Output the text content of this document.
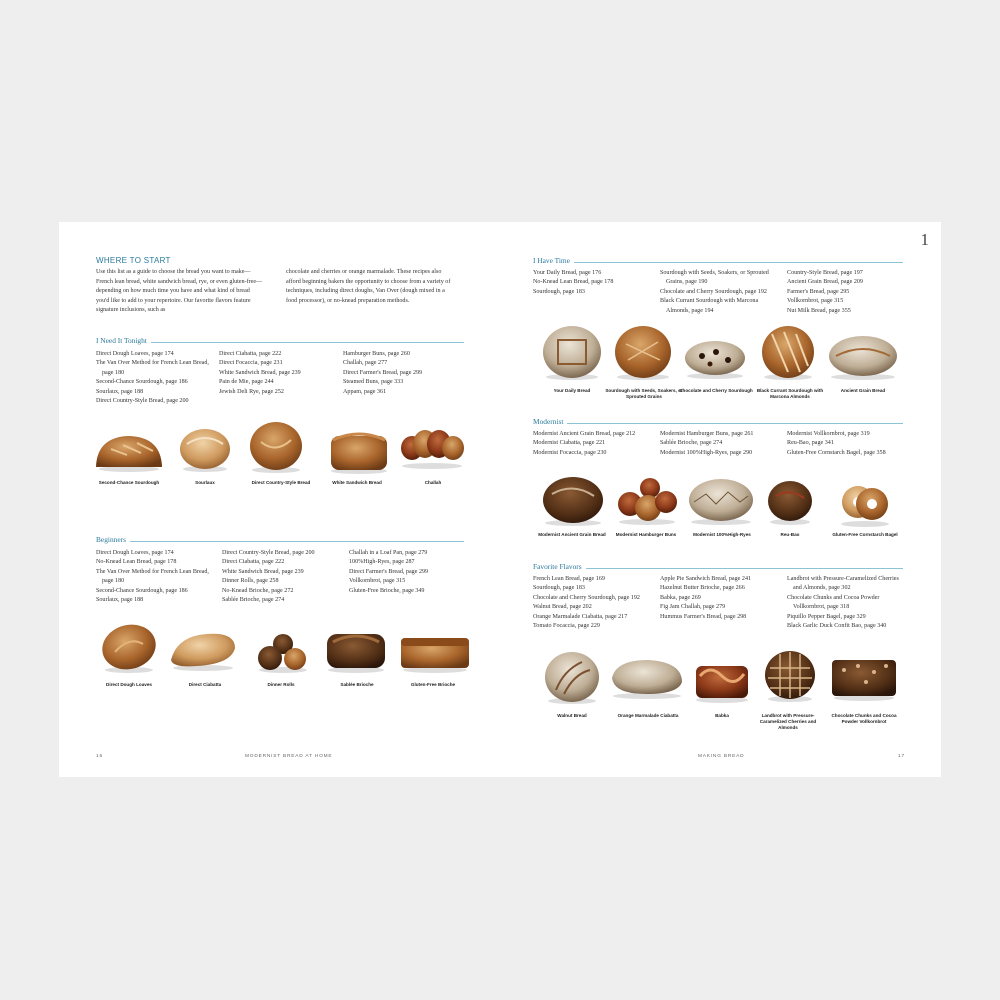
WHERE TO START
Use this list as a guide to choose the bread you want to make—French lean bread, white sandwich bread, rye, or even gluten-free—depending on how much time you have and what kind of bread you'd like to add to your repertoire. Our favorite flavors feature signature inclusions, such as
chocolate and cherries or orange marmalade. These recipes also afford beginning bakers the opportunity to choose from a variety of techniques, including direct doughs, Van Over (dough mixed in a food processor), or no-knead preparation methods.
I Need It Tonight
Direct Dough Loaves, page 174
The Van Over Method for French Lean Bread, page 180
Second-Chance Sourdough, page 186
Sourlaux, page 188
Direct Country-Style Bread, page 200
Direct Ciabatta, page 222
Direct Focaccia, page 231
White Sandwich Bread, page 239
Pain de Mie, page 244
Jewish Deli Rye, page 252
Hamburger Buns, page 260
Challah, page 277
Direct Farmer's Bread, page 299
Steamed Buns, page 333
Appam, page 361
Second-Chance Sourdough	Sourlaux	Direct Country-Style Bread	White Sandwich Bread	Challah
Beginners
Direct Dough Loaves, page 174
No-Knead Lean Bread, page 178
The Van Over Method for French Lean Bread, page 180
Second-Chance Sourdough, page 186
Sourlaux, page 188
Direct Country-Style Bread, page 200
Direct Ciabatta, page 222
White Sandwich Bread, page 239
Dinner Rolls, page 258
No-Knead Brioche, page 272
Sablée Brioche, page 274
Challah in a Loaf Pan, page 279
100%High-Ryes, page 287
Direct Farmer's Bread, page 299
Vollkornbrot, page 315
Gluten-Free Brioche, page 349
Direct Dough Loaves	Direct Ciabatta	Dinner Rolls	Sablée Brioche	Gluten-Free Brioche
16	MODERNIST BREAD AT HOME
1
I Have Time
Your Daily Bread, page 176
No-Knead Lean Bread, page 178
Sourdough, page 183
Sourdough with Seeds, Soakers, or Sprouted Grains, page 190
Chocolate and Cherry Sourdough, page 192
Black Currant Sourdough with Marcona Almonds, page 194
Country-Style Bread, page 197
Ancient Grain Bread, page 209
Farmer's Bread, page 295
Vollkornbrot, page 315
Nut Milk Bread, page 355
Your Daily Bread	Sourdough with Seeds, Soakers, or Sprouted Grains
Chocolate and Cherry Sourdough Black Currant Sourdough with Marcona Almonds
Ancient Grain Bread
Modernist
Modernist Ancient Grain Bread, page 212
Modernist Ciabatta, page 221
Modernist Focaccia, page 230
Modernist Hamburger Buns, page 261
Sablée Brioche, page 274
Modernist 100%High-Ryes, page 290
Modernist Vollkornbrot, page 319
Reu-Bao, page 341
Gluten-Free Cornstarch Bagel, page 358
Modernist Ancient Grain Bread	Modernist Hamburger Buns	Modernist 100%High-Ryes	Reu-Bao	Gluten-Free Cornstarch Bagel
Favorite Flavors
French Lean Bread, page 169
Sourdough, page 183
Chocolate and Cherry Sourdough, page 192
Walnut Bread, page 202
Orange Marmalade Ciabatta, page 217
Tomato Focaccia, page 229
Apple Pie Sandwich Bread, page 241
Hazelnut Butter Brioche, page 266
Babka, page 269
Fig Jam Challah, page 279
Hummus Farmer's Bread, page 298
Landbrot with Pressure-Caramelized Cherries and Almonds, page 302
Chocolate Chunks and Cocoa Powder Vollkornbrot, page 318
Piquillo Pepper Bagel, page 329
Black Garlic Duck Confit Bao, page 340
Walnut Bread	Orange Marmalade Ciabatta	Babka	Landbrot with Pressure-Caramelized Cherries and Almonds
Chocolate Chunks and Cocoa Powder Vollkornbrot
MAKING BREAD	17
